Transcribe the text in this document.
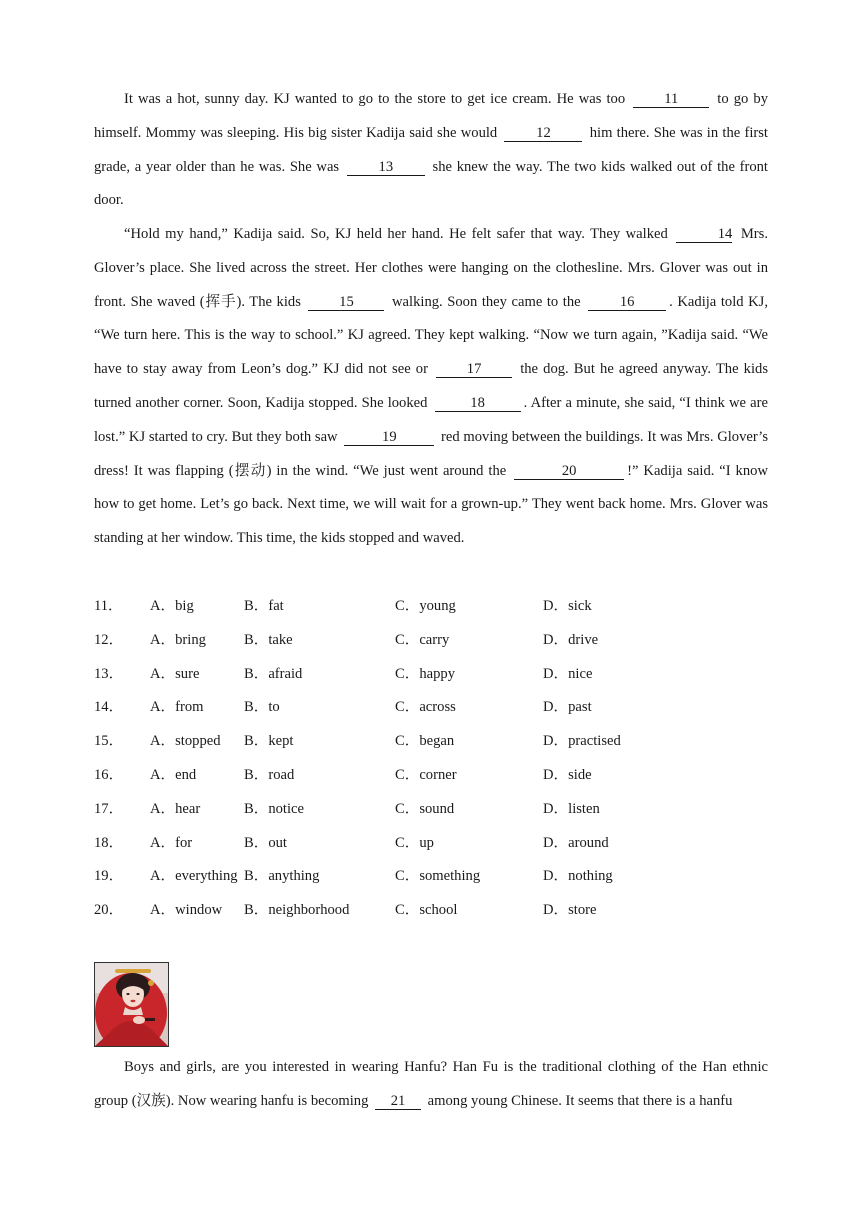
It was a hot, sunny day. KJ wanted to go to the store to get ice cream. He was too 11 to go by himself. Mommy was sleeping. His big sister Kadija said she would 12 him there. She was in the first grade, a year older than he was. She was 13 she knew the way. The two kids walked out of the front door.

“Hold my hand,” Kadija said. So, KJ held her hand. He felt safer that way. They walked	14 Mrs. Glover’s place. She lived across the street. Her clothes were hanging on the clothesline. Mrs. Glover was out in front. She waved (挥手). The kids 15 walking. Soon they came to the 16 . Kadija told KJ, “We turn here. This is the way to school.” KJ agreed. They kept walking. “Now we turn again, ”Kadija said. “We have to stay away from Leon’s dog.” KJ did not see or 17 the dog. But he agreed anyway. The kids turned another corner. Soon, Kadija stopped. She looked	18	. After a minute, she said, “I think we are lost.” KJ started to cry. But they both saw	19	red moving between the buildings. It was Mrs. Glover’s dress! It was flapping (摆动) in the wind. “We just went around the	20	!” Kadija said. “I know how to get home. Let’s go back. Next time, we will wait for a grown-up.” They went back home. Mrs. Glover was standing at her window. This time, the kids stopped and waved.

11． A．big	B．fat	C．young	D．sick
12． A．bring	B．take	C．carry	D．drive
13． A．sure	B．afraid	C．happy	D．nice
14． A．from	B．to	C．across	D．past
15． A．stopped B．kept	C．began	D．practised
16． A．end	B．road	C．corner	D．side
17． A．hear	B．notice	C．sound	D．listen
18． A．for	B．out	C．up	D．around
19． A．everything B．anything	C．something	D．nothing
20． A．window B．neighborhood	C．school	D．store

Boys and girls, are you interested in wearing Hanfu? Han Fu is the traditional clothing of the Han ethnic group (汉族). Now wearing hanfu is becoming 21 among young Chinese. It seems that there is a hanfu
